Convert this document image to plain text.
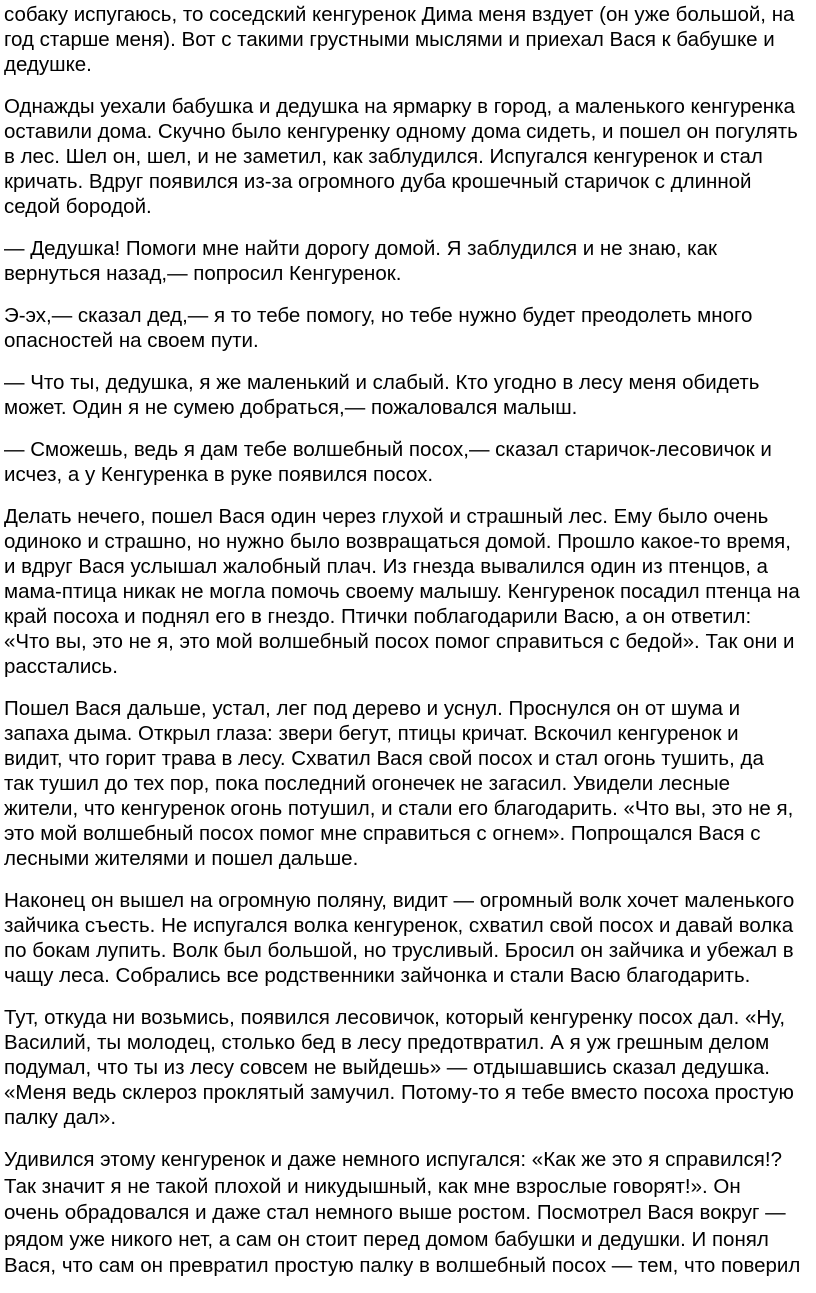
собаку испугаюсь, то соседский кенгуренок Дима меня вздует (он уже большой, на
год старше меня). Вот с такими грустными мыслями и приехал Вася к бабушке и
дедушке.
Однажды уехали бабушка и дедушка на ярмарку в город, а маленького кенгуренка
оставили дома. Скучно было кенгуренку одному дома сидеть, и пошел он погулять
в лес. Шел он, шел, и не заметил, как заблудился. Испугался кенгуренок и стал
кричать. Вдруг появился из-за огромного дуба крошечный старичок с длинной
седой бородой.
— Дедушка! Помоги мне найти дорогу домой. Я заблудился и не знаю, как
вернуться назад,— попросил Кенгуренок.
Э-эх,— сказал дед,— я то тебе помогу, но тебе нужно будет преодолеть много
опасностей на своем пути.
— Что ты, дедушка, я же маленький и слабый. Кто угодно в лесу меня обидеть
может. Один я не сумею добраться,— пожаловался малыш.
— Сможешь, ведь я дам тебе волшебный посох,— сказал старичок-лесовичок и
исчез, а у Кенгуренка в руке появился посох.
Делать нечего, пошел Вася один через глухой и страшный лес. Ему было очень
одиноко и страшно, но нужно было возвращаться домой. Прошло какое-то время,
и вдруг Вася услышал жалобный плач. Из гнезда вывалился один из птенцов, а
мама-птица никак не могла помочь своему малышу. Кенгуренок посадил птенца на
край посоха и поднял его в гнездо. Птички поблагодарили Васю, а он ответил:
«Что вы, это не я, это мой волшебный посох помог справиться с бедой». Так они и
расстались.
Пошел Вася дальше, устал, лег под дерево и уснул. Проснулся он от шума и
запаха дыма. Открыл глаза: звери бегут, птицы кричат. Вскочил кенгуренок и
видит, что горит трава в лесу. Схватил Вася свой посох и стал огонь тушить, да
так тушил до тех пор, пока последний огонечек не загасил. Увидели лесные
жители, что кенгуренок огонь потушил, и стали его благодарить. «Что вы, это не я,
это мой волшебный посох помог мне справиться с огнем». Попрощался Вася с
лесными жителями и пошел дальше.
Наконец он вышел на огромную поляну, видит — огромный волк хочет маленького
зайчика съесть. Не испугался волка кенгуренок, схватил свой посох и давай волка
по бокам лупить. Волк был большой, но трусливый. Бросил он зайчика и убежал в
чащу леса. Собрались все родственники зайчонка и стали Васю благодарить.
Тут, откуда ни возьмись, появился лесовичок, который кенгуренку посох дал. «Ну,
Василий, ты молодец, столько бед в лесу предотвратил. А я уж грешным делом
подумал, что ты из лесу совсем не выйдешь» — отдышавшись сказал дедушка.
«Меня ведь склероз проклятый замучил. Потому-то я тебе вместо посоха простую
палку дал».
Удивился этому кенгуренок и даже немного испугался: «Как же это я справился!?
Так значит я не такой плохой и никудышный, как мне взрослые говорят!». Он
очень обрадовался и даже стал немного выше ростом. Посмотрел Вася вокруг —
рядом уже никого нет, а сам он стоит перед домом бабушки и дедушки. И понял
Вася, что сам он превратил простую палку в волшебный посох — тем, что поверил
